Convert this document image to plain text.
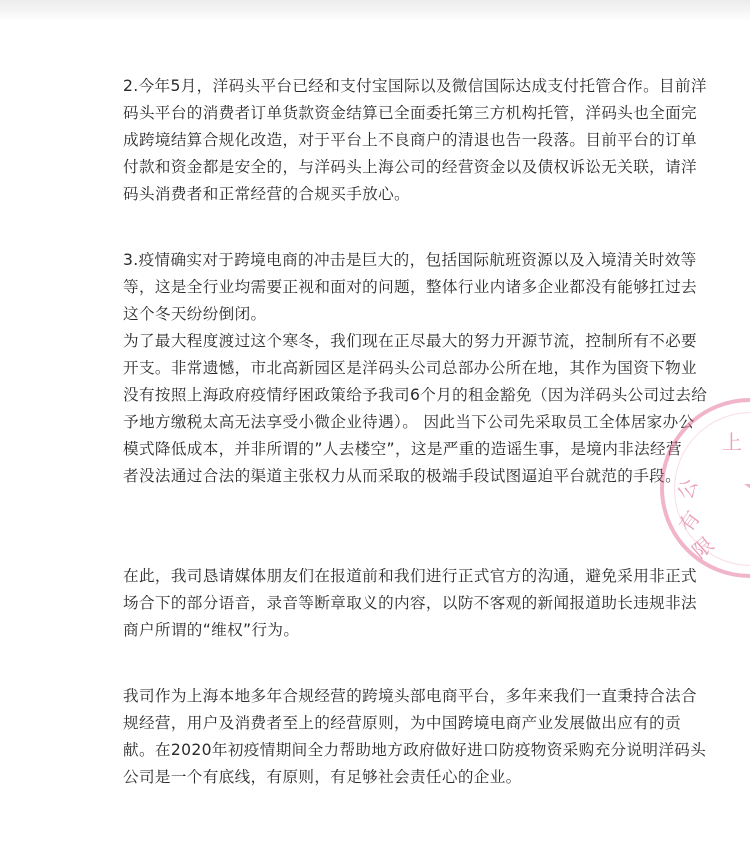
2.今年5月，洋码头平台已经和支付宝国际以及微信国际达成支付托管合作。目前洋
码头平台的消费者订单货款资金结算已全面委托第三方机构托管，洋码头也全面完
成跨境结算合规化改造，对于平台上不良商户的清退也告一段落。目前平台的订单
付款和资金都是安全的，与洋码头上海公司的经营资金以及债权诉讼无关联，请洋
码头消费者和正常经营的合规买手放心。
3.疫情确实对于跨境电商的冲击是巨大的，包括国际航班资源以及入境清关时效等
等，这是全行业均需要正视和面对的问题，整体行业内诸多企业都没有能够扛过去
这个冬天纷纷倒闭。
为了最大程度渡过这个寒冬，我们现在正尽最大的努力开源节流，控制所有不必要
开支。非常遗憾，市北高新园区是洋码头公司总部办公所在地，其作为国资下物业
没有按照上海政府疫情纾困政策给予我司6个月的租金豁免（因为洋码头公司过去给
予地方缴税太高无法享受小微企业待遇）。 因此当下公司先采取员工全体居家办公
模式降低成本，并非所谓的”人去楼空”，这是严重的造谣生事，是境内非法经营
者没法通过合法的渠道主张权力从而采取的极端手段试图逼迫平台就范的手段。
在此，我司恳请媒体朋友们在报道前和我们进行正式官方的沟通，避免采用非正式
场合下的部分语音，录音等断章取义的内容，以防不客观的新闻报道助长违规非法
商户所谓的“维权”行为。
我司作为上海本地多年合规经营的跨境头部电商平台，多年来我们一直秉持合法合
规经营，用户及消费者至上的经营原则，为中国跨境电商产业发展做出应有的贡
献。在2020年初疫情期间全力帮助地方政府做好进口防疫物资采购充分说明洋码头
公司是一个有底线，有原则，有足够社会责任心的企业。
上
公
有
限
